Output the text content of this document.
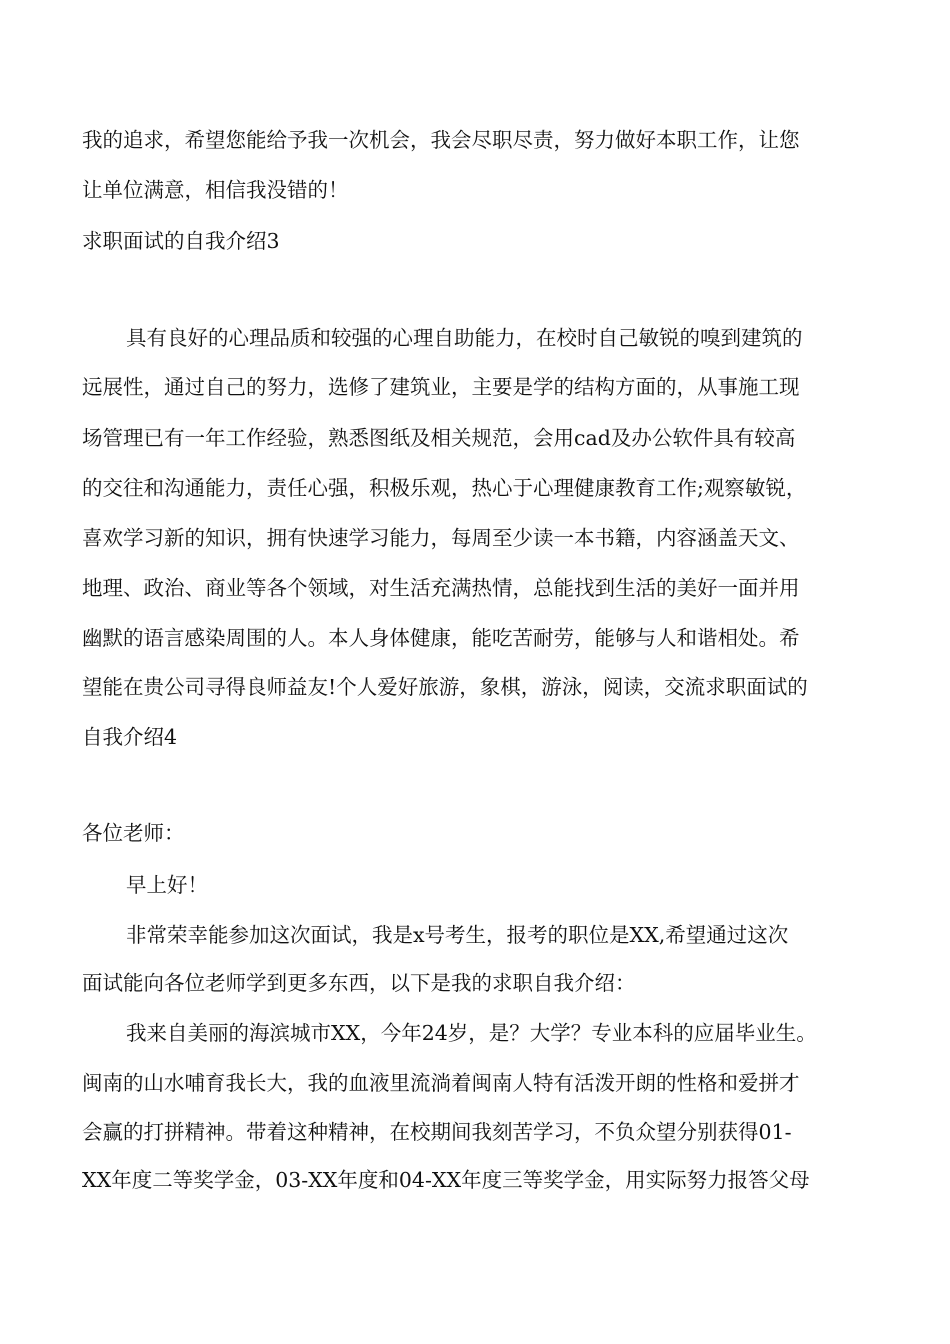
我的追求，希望您能给予我一次机会，我会尽职尽责，努力做好本职工作，让您
让单位满意，相信我没错的！
求职面试的自我介绍3
具有良好的心理品质和较强的心理自助能力，在校时自己敏锐的嗅到建筑的
远展性，通过自己的努力，选修了建筑业，主要是学的结构方面的，从事施工现
场管理已有一年工作经验，熟悉图纸及相关规范，会用cad及办公软件具有较高
的交往和沟通能力，责任心强，积极乐观，热心于心理健康教育工作;观察敏锐，
喜欢学习新的知识，拥有快速学习能力，每周至少读一本书籍，内容涵盖天文、
地理、政治、商业等各个领域，对生活充满热情，总能找到生活的美好一面并用
幽默的语言感染周围的人。本人身体健康，能吃苦耐劳，能够与人和谐相处。希
望能在贵公司寻得良师益友!个人爱好旅游，象棋，游泳，阅读，交流求职面试的
自我介绍4
各位老师：
早上好！
非常荣幸能参加这次面试，我是x号考生，报考的职位是XX,希望通过这次
面试能向各位老师学到更多东西，以下是我的求职自我介绍：
我来自美丽的海滨城市XX，今年24岁，是？大学？专业本科的应届毕业生。
闽南的山水哺育我长大，我的血液里流淌着闽南人特有活泼开朗的性格和爱拼才
会赢的打拼精神。带着这种精神，在校期间我刻苦学习，不负众望分别获得01-
XX年度二等奖学金，03-XX年度和04-XX年度三等奖学金，用实际努力报答父母
